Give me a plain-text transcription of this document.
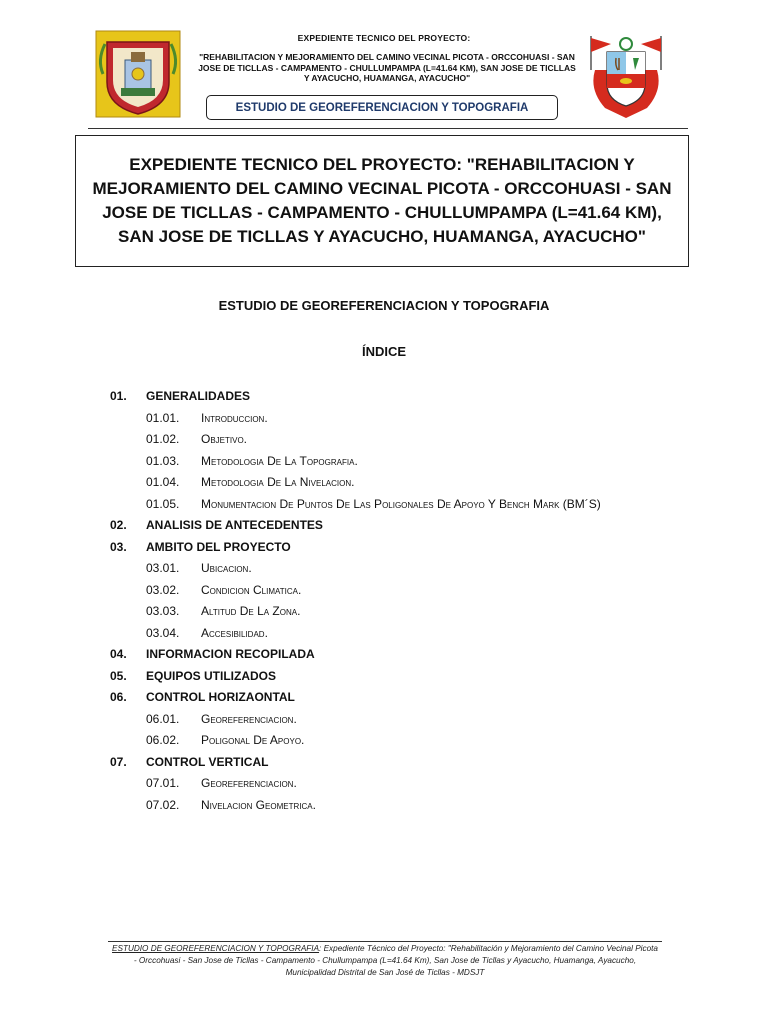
EXPEDIENTE TECNICO DEL PROYECTO:
"REHABILITACION Y MEJORAMIENTO DEL CAMINO VECINAL PICOTA - ORCCOHUASI - SAN JOSE DE TICLLAS - CAMPAMENTO - CHULLUMPAMPA (L=41.64 KM), SAN JOSE DE TICLLAS Y AYACUCHO, HUAMANGA, AYACUCHO"
ESTUDIO DE GEOREFERENCIACION Y TOPOGRAFIA
EXPEDIENTE TECNICO DEL PROYECTO: "REHABILITACION Y MEJORAMIENTO DEL CAMINO VECINAL PICOTA - ORCCOHUASI - SAN JOSE DE TICLLAS - CAMPAMENTO - CHULLUMPAMPA (L=41.64 KM), SAN JOSE DE TICLLAS Y AYACUCHO, HUAMANGA, AYACUCHO"
ESTUDIO DE GEOREFERENCIACION Y TOPOGRAFIA
ÍNDICE
01. GENERALIDADES
01.01. Introduccion.
01.02. Objetivo.
01.03. Metodologia De La Topografia.
01.04. Metodologia De La Nivelacion.
01.05. Monumentacion De Puntos De Las Poligonales De Apoyo Y Bench Mark (BM´S)
02. ANALISIS DE ANTECEDENTES
03. AMBITO DEL PROYECTO
03.01. Ubicacion.
03.02. Condicion Climatica.
03.03. Altitud De La Zona.
03.04. Accesibilidad.
04. INFORMACION RECOPILADA
05. EQUIPOS UTILIZADOS
06. CONTROL HORIZAONTAL
06.01. Georeferenciacion.
06.02. Poligonal De Apoyo.
07. CONTROL VERTICAL
07.01. Georeferenciacion.
07.02. Nivelacion Geometrica.
ESTUDIO DE GEOREFERENCIACION Y TOPOGRAFIA: Expediente Técnico del Proyecto: "Rehabilitación y Mejoramiento del Camino Vecinal Picota - Orccohuasi - San Jose de Ticllas - Campamento - Chullumpampa (L=41.64 Km), San Jose de Ticllas y Ayacucho, Huamanga, Ayacucho, Municipalidad Distrital de San José de Ticllas - MDSJT
